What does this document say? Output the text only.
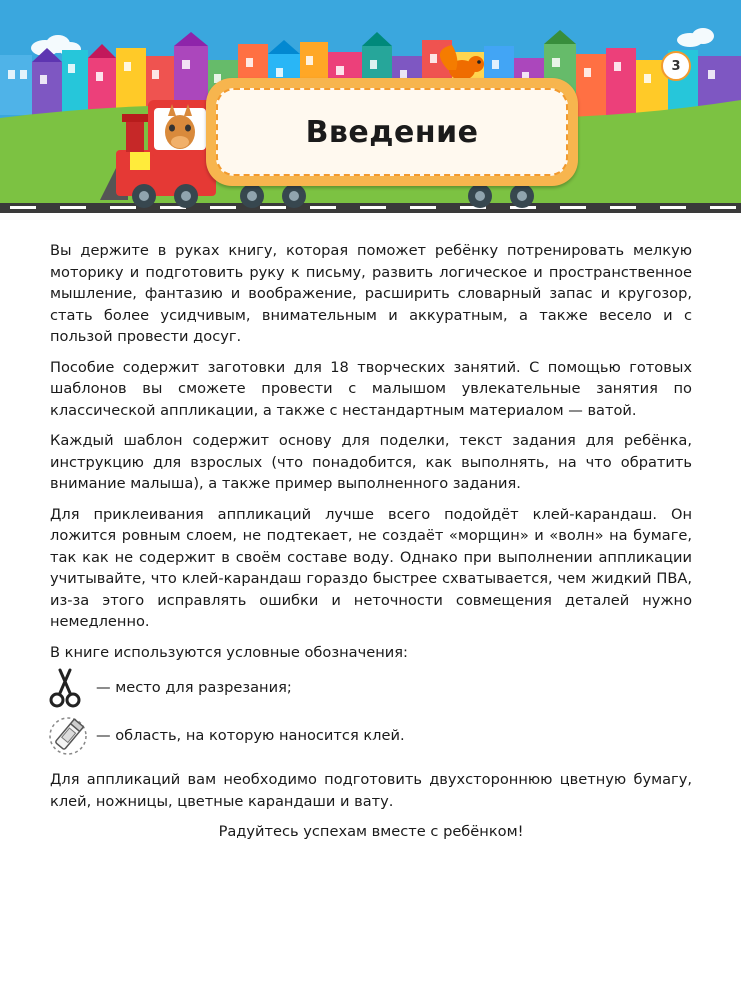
Введение
3

Вы держите в руках книгу, которая поможет ребёнку потренировать мелкую моторику и подготовить руку к письму, развить логическое и пространственное мышление, фантазию и воображение, расширить словарный запас и кругозор, стать более усидчивым, внимательным и аккуратным, а также весело и с пользой провести досуг.

Пособие содержит заготовки для 18 творческих занятий. С помощью готовых шаблонов вы сможете провести с малышом увлекательные занятия по классической аппликации, а также с нестандартным материалом — ватой.

Каждый шаблон содержит основу для поделки, текст задания для ребёнка, инструкцию для взрослых (что понадобится, как выполнять, на что обратить внимание малыша), а также пример выполненного задания.

Для приклеивания аппликаций лучше всего подойдёт клей-карандаш. Он ложится ровным слоем, не подтекает, не создаёт «морщин» и «волн» на бумаге, так как не содержит в своём составе воду. Однако при выполнении аппликации учитывайте, что клей-карандаш гораздо быстрее схватывается, чем жидкий ПВА, из-за этого исправлять ошибки и неточности совмещения деталей нужно немедленно.

В книге используются условные обозначения:

— место для разрезания;
— область, на которую наносится клей.

Для аппликаций вам необходимо подготовить двухстороннюю цветную бумагу, клей, ножницы, цветные карандаши и вату.

Радуйтесь успехам вместе с ребёнком!
